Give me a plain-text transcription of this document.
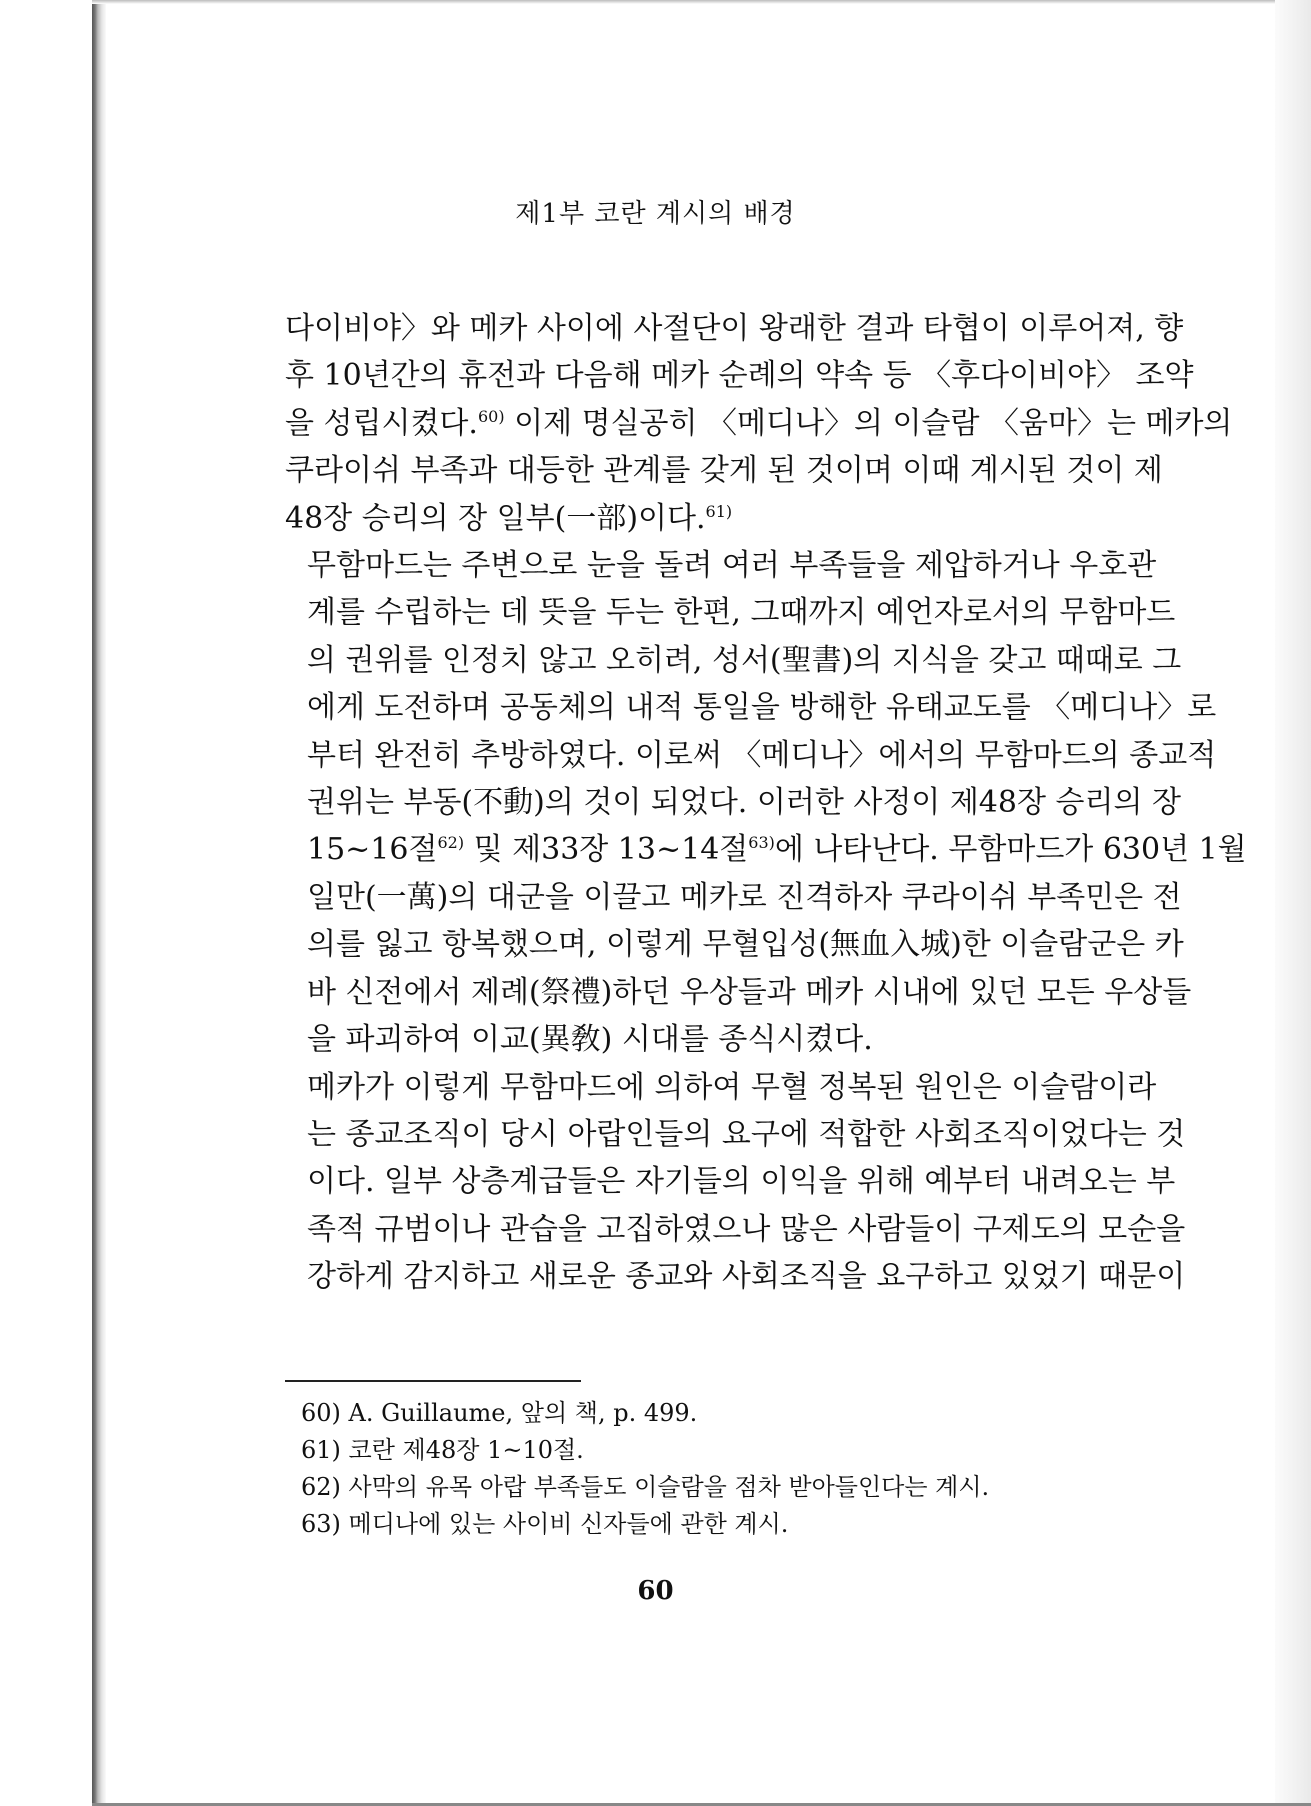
제1부 코란 계시의 배경

다이비야〉와 메카 사이에 사절단이 왕래한 결과 타협이 이루어져, 향
후 10년간의 휴전과 다음해 메카 순례의 약속 등 〈후다이비야〉 조약
을 성립시켰다.$^{60)}$ 이제 명실공히 〈메디나〉의 이슬람 〈움마〉는 메카의
쿠라이쉬 부족과 대등한 관계를 갖게 된 것이며 이때 계시된 것이 제
48장 승리의 장 일부(一部)이다.$^{61)}$

무함마드는 주변으로 눈을 돌려 여러 부족들을 제압하거나 우호관
계를 수립하는 데 뜻을 두는 한편, 그때까지 예언자로서의 무함마드
의 권위를 인정치 않고 오히려, 성서(聖書)의 지식을 갖고 때때로 그
에게 도전하며 공동체의 내적 통일을 방해한 유태교도를 〈메디나〉로
부터 완전히 추방하였다. 이로써 〈메디나〉에서의 무함마드의 종교적
권위는 부동(不動)의 것이 되었다. 이러한 사정이 제48장 승리의 장
15~16절$^{62)}$ 및 제33장 13~14절$^{63)}$에 나타난다. 무함마드가 630년 1월
일만(一萬)의 대군을 이끌고 메카로 진격하자 쿠라이쉬 부족민은 전
의를 잃고 항복했으며, 이렇게 무혈입성(無血入城)한 이슬람군은 카
바 신전에서 제례(祭禮)하던 우상들과 메카 시내에 있던 모든 우상들
을 파괴하여 이교(異敎) 시대를 종식시켰다.

메카가 이렇게 무함마드에 의하여 무혈 정복된 원인은 이슬람이라
는 종교조직이 당시 아랍인들의 요구에 적합한 사회조직이었다는 것
이다. 일부 상층계급들은 자기들의 이익을 위해 예부터 내려오는 부
족적 규범이나 관습을 고집하였으나 많은 사람들이 구제도의 모순을
강하게 감지하고 새로운 종교와 사회조직을 요구하고 있었기 때문이

60) A. Guillaume, 앞의 책, p. 499.
61) 코란 제48장 1~10절.
62) 사막의 유목 아랍 부족들도 이슬람을 점차 받아들인다는 계시.
63) 메디나에 있는 사이비 신자들에 관한 계시.
60
